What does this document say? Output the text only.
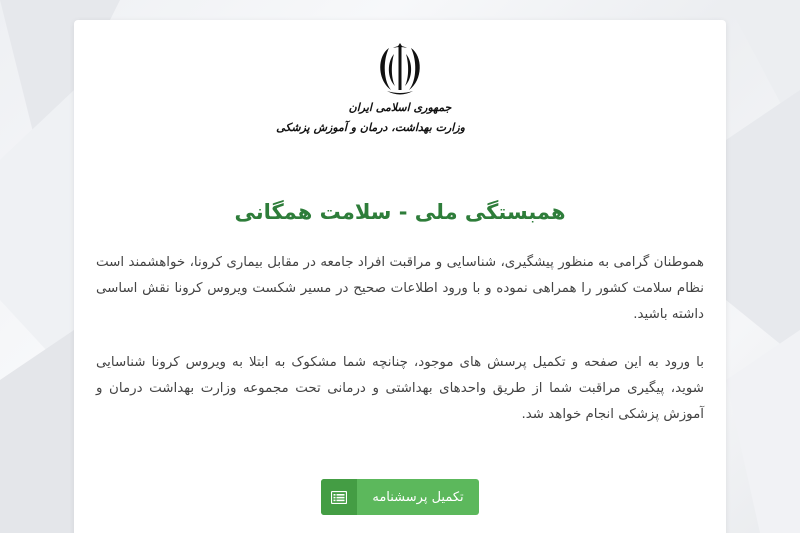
جمهوری اسلامی ایران
وزارت بهداشت، درمان و آموزش پزشکی
همبستگی ملی - سلامت همگانی

هموطنان گرامی به منظور پیشگیری، شناسایی و مراقبت افراد جامعه در مقابل بیماری کرونا، خواهشمند است نظام سلامت کشور را همراهی نموده و با ورود اطلاعات صحیح در مسیر شکست ویروس کرونا نقش اساسی داشته باشید.

با ورود به این صفحه و تکمیل پرسش های موجود، چنانچه شما مشکوک به ابتلا به ویروس کرونا شناسایی شوید، پیگیری مراقبت شما از طریق واحدهای بهداشتی و درمانی تحت مجموعه وزارت بهداشت درمان و آموزش پزشکی انجام خواهد شد.

تکمیل پرسشنامه
